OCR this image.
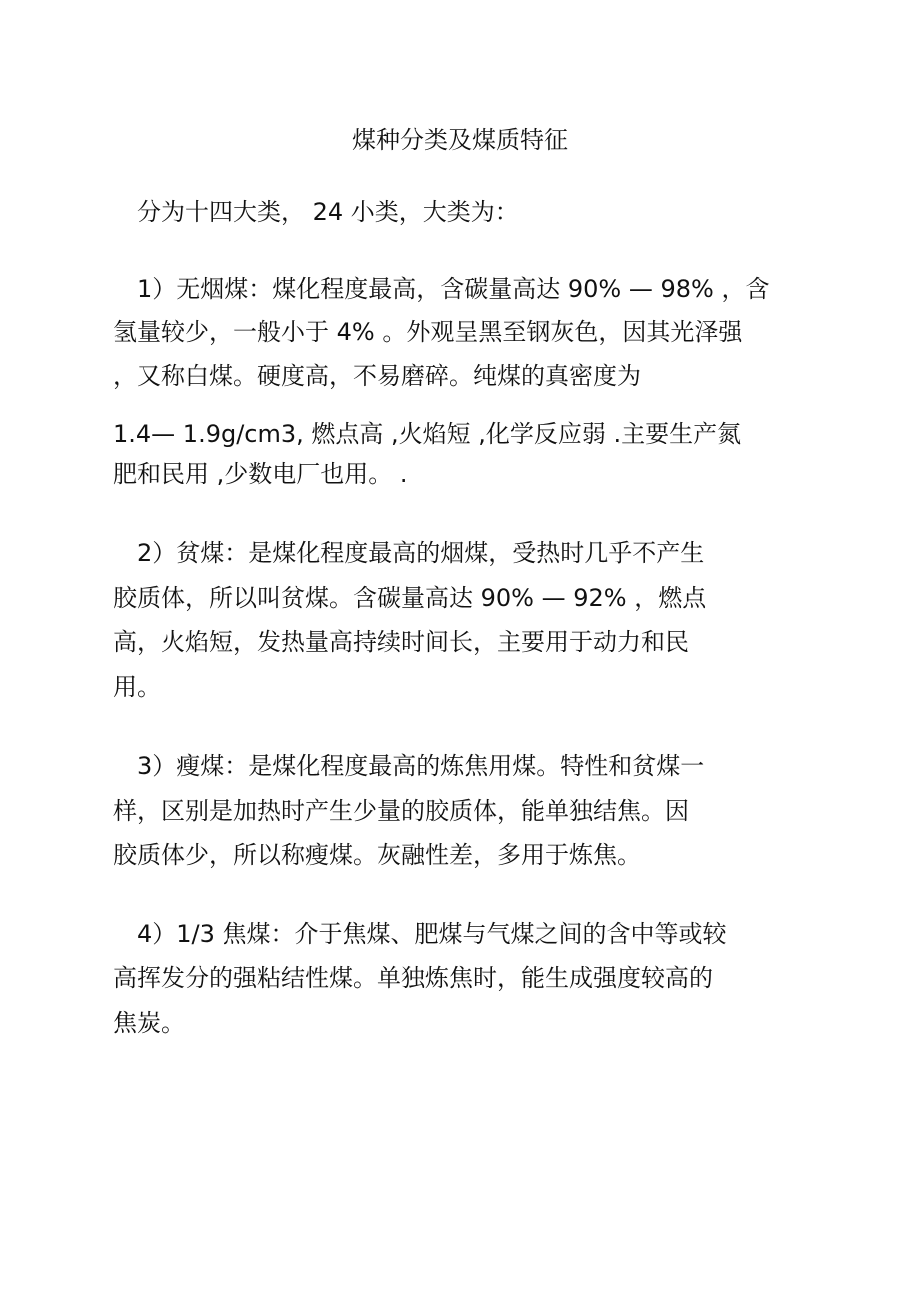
煤种分类及煤质特征
分为十四大类， 24 小类，大类为：
1）无烟煤：煤化程度最高，含碳量高达 90% — 98% ，含
氢量较少，一般小于 4% 。外观呈黑至钢灰色，因其光泽强
，又称白煤。硬度高，不易磨碎。纯煤的真密度为
1.4— 1.9g/cm3, 燃点高 ,火焰短 ,化学反应弱 .主要生产氮
肥和民用 ,少数电厂也用。 .
2）贫煤：是煤化程度最高的烟煤，受热时几乎不产生
胶质体，所以叫贫煤。含碳量高达 90% — 92% ，燃点
高，火焰短，发热量高持续时间长，主要用于动力和民
用。
3）瘦煤：是煤化程度最高的炼焦用煤。特性和贫煤一
样，区别是加热时产生少量的胶质体，能单独结焦。因
胶质体少，所以称瘦煤。灰融性差，多用于炼焦。
4）1/3 焦煤：介于焦煤、肥煤与气煤之间的含中等或较
高挥发分的强粘结性煤。单独炼焦时，能生成强度较高的
焦炭。
